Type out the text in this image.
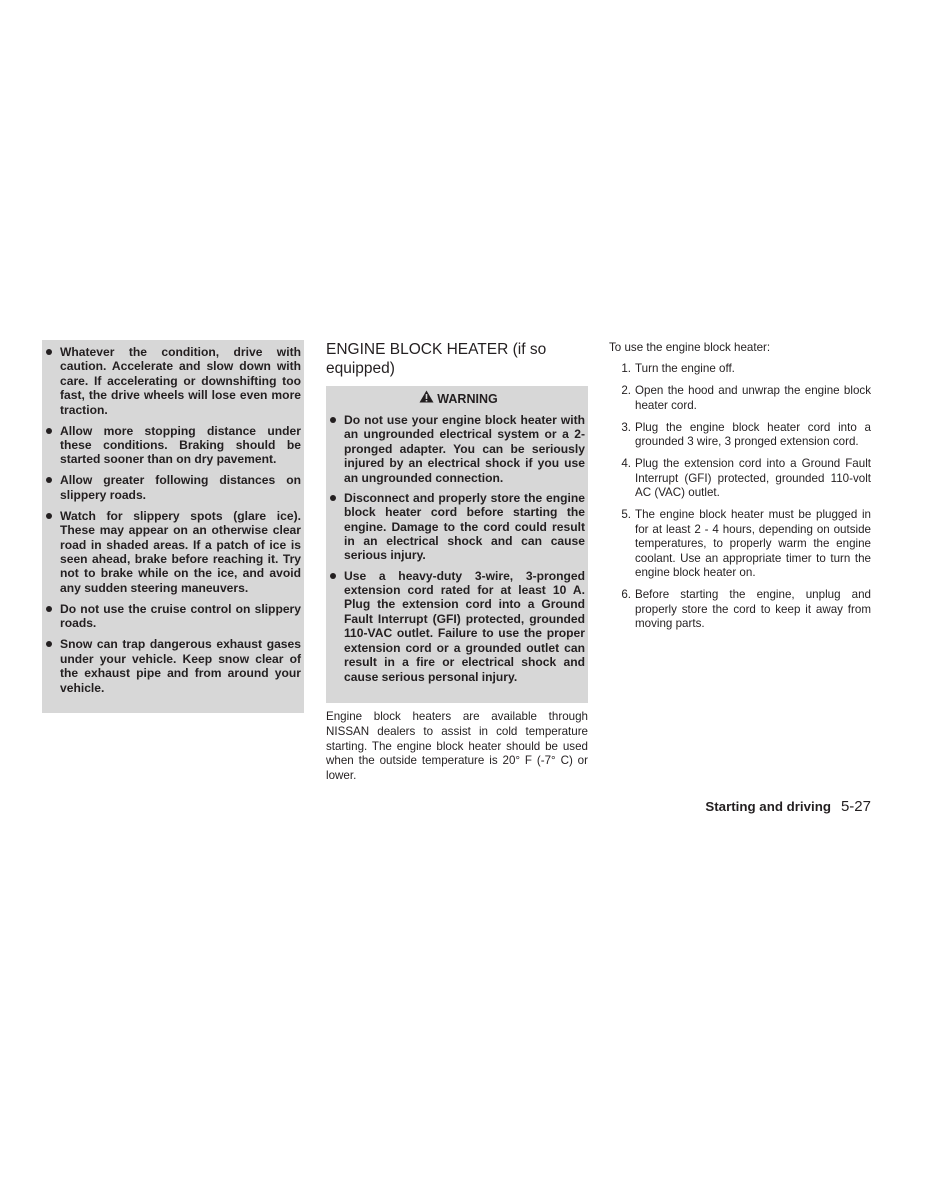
Whatever the condition, drive with caution. Accelerate and slow down with care. If accelerating or downshifting too fast, the drive wheels will lose even more traction.
Allow more stopping distance under these conditions. Braking should be started sooner than on dry pavement.
Allow greater following distances on slippery roads.
Watch for slippery spots (glare ice). These may appear on an otherwise clear road in shaded areas. If a patch of ice is seen ahead, brake before reaching it. Try not to brake while on the ice, and avoid any sudden steering maneuvers.
Do not use the cruise control on slippery roads.
Snow can trap dangerous exhaust gases under your vehicle. Keep snow clear of the exhaust pipe and from around your vehicle.
ENGINE BLOCK HEATER (if so equipped)
WARNING
Do not use your engine block heater with an ungrounded electrical system or a 2-pronged adapter. You can be seriously injured by an electrical shock if you use an ungrounded connection.
Disconnect and properly store the engine block heater cord before starting the engine. Damage to the cord could result in an electrical shock and can cause serious injury.
Use a heavy-duty 3-wire, 3-pronged extension cord rated for at least 10 A. Plug the extension cord into a Ground Fault Interrupt (GFI) protected, grounded 110-VAC outlet. Failure to use the proper extension cord or a grounded outlet can result in a fire or electrical shock and cause serious personal injury.

Engine block heaters are available through NISSAN dealers to assist in cold temperature starting. The engine block heater should be used when the outside temperature is 20° F (-7° C) or lower.

To use the engine block heater:

1. Turn the engine off.
2. Open the hood and unwrap the engine block heater cord.
3. Plug the engine block heater cord into a grounded 3 wire, 3 pronged extension cord.
4. Plug the extension cord into a Ground Fault Interrupt (GFI) protected, grounded 110-volt AC (VAC) outlet.
5. The engine block heater must be plugged in for at least 2 - 4 hours, depending on outside temperatures, to properly warm the engine coolant. Use an appropriate timer to turn the engine block heater on.
6. Before starting the engine, unplug and properly store the cord to keep it away from moving parts.
Starting and driving 5-27
